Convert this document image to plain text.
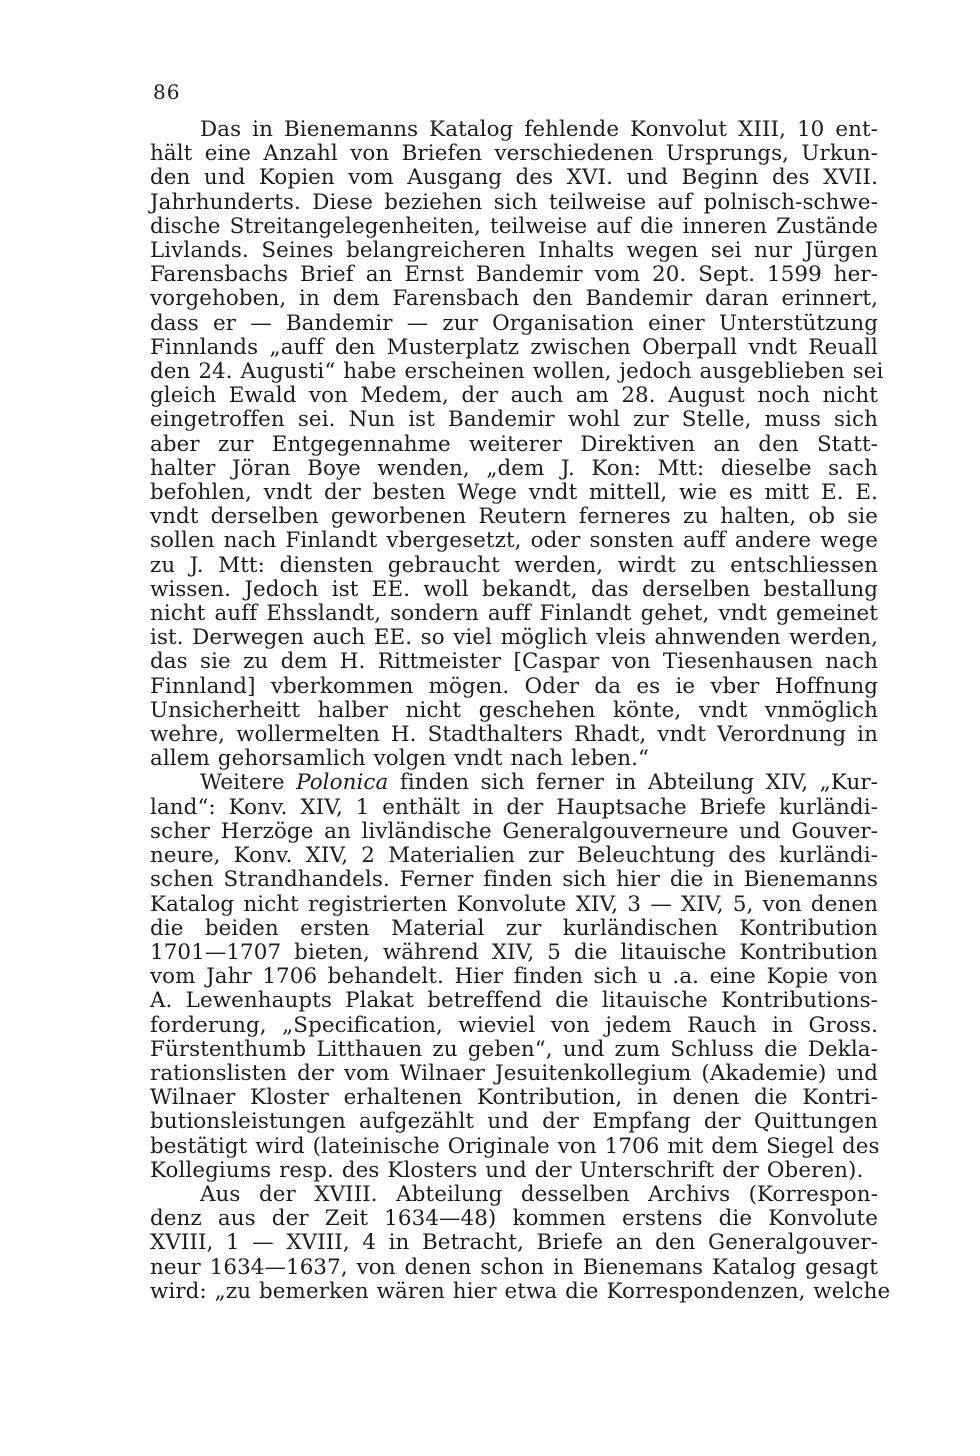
86
Das in Bienemanns Katalog fehlende Konvolut XIII, 10 ent-
hält eine Anzahl von Briefen verschiedenen Ursprungs, Urkun-
den und Kopien vom Ausgang des XVI. und Beginn des XVII.
Jahrhunderts. Diese beziehen sich teilweise auf polnisch-schwe-
dische Streitangelegenheiten, teilweise auf die inneren Zustände
Livlands. Seines belangreicheren Inhalts wegen sei nur Jürgen
Farensbachs Brief an Ernst Bandemir vom 20. Sept. 1599 her-
vorgehoben, in dem Farensbach den Bandemir daran erinnert,
dass er — Bandemir — zur Organisation einer Unterstützung
Finnlands „auff den Musterplatz zwischen Oberpall vndt Reuall
den 24. Augusti“ habe erscheinen wollen, jedoch ausgeblieben sei
gleich Ewald von Medem, der auch am 28. August noch nicht
eingetroffen sei. Nun ist Bandemir wohl zur Stelle, muss sich
aber zur Entgegennahme weiterer Direktiven an den Statt-
halter Jöran Boye wenden, „dem J. Kon: Mtt: dieselbe sach
befohlen, vndt der besten Wege vndt mittell, wie es mitt E. E.
vndt derselben geworbenen Reutern ferneres zu halten, ob sie
sollen nach Finlandt vbergesetzt, oder sonsten auff andere wege
zu J. Mtt: diensten gebraucht werden, wirdt zu entschliessen
wissen. Jedoch ist EE. woll bekandt, das derselben bestallung
nicht auff Ehsslandt, sondern auff Finlandt gehet, vndt gemeinet
ist. Derwegen auch EE. so viel möglich vleis ahnwenden werden,
das sie zu dem H. Rittmeister [Caspar von Tiesenhausen nach
Finnland] vberkommen mögen. Oder da es ie vber Hoffnung
Unsicherheitt halber nicht geschehen könte, vndt vnmöglich
wehre, wollermelten H. Stadthalters Rhadt, vndt Verordnung in
allem gehorsamlich volgen vndt nach leben.“
Weitere Polonica finden sich ferner in Abteilung XIV, „Kur-
land“: Konv. XIV, 1 enthält in der Hauptsache Briefe kurländi-
scher Herzöge an livländische Generalgouverneure und Gouver-
neure, Konv. XIV, 2 Materialien zur Beleuchtung des kurländi-
schen Strandhandels. Ferner finden sich hier die in Bienemanns
Katalog nicht registrierten Konvolute XIV, 3 — XIV, 5, von denen
die beiden ersten Material zur kurländischen Kontribution
1701—1707 bieten, während XIV, 5 die litauische Kontribution
vom Jahr 1706 behandelt. Hier finden sich u .a. eine Kopie von
A. Lewenhaupts Plakat betreffend die litauische Kontributions-
forderung, „Specification, wieviel von jedem Rauch in Gross.
Fürstenthumb Litthauen zu geben“, und zum Schluss die Dekla-
rationslisten der vom Wilnaer Jesuitenkollegium (Akademie) und
Wilnaer Kloster erhaltenen Kontribution, in denen die Kontri-
butionsleistungen aufgezählt und der Empfang der Quittungen
bestätigt wird (lateinische Originale von 1706 mit dem Siegel des
Kollegiums resp. des Klosters und der Unterschrift der Oberen).
Aus der XVIII. Abteilung desselben Archivs (Korrespon-
denz aus der Zeit 1634—48) kommen erstens die Konvolute
XVIII, 1 — XVIII, 4 in Betracht, Briefe an den Generalgouver-
neur 1634—1637, von denen schon in Bienemans Katalog gesagt
wird: „zu bemerken wären hier etwa die Korrespondenzen, welche
